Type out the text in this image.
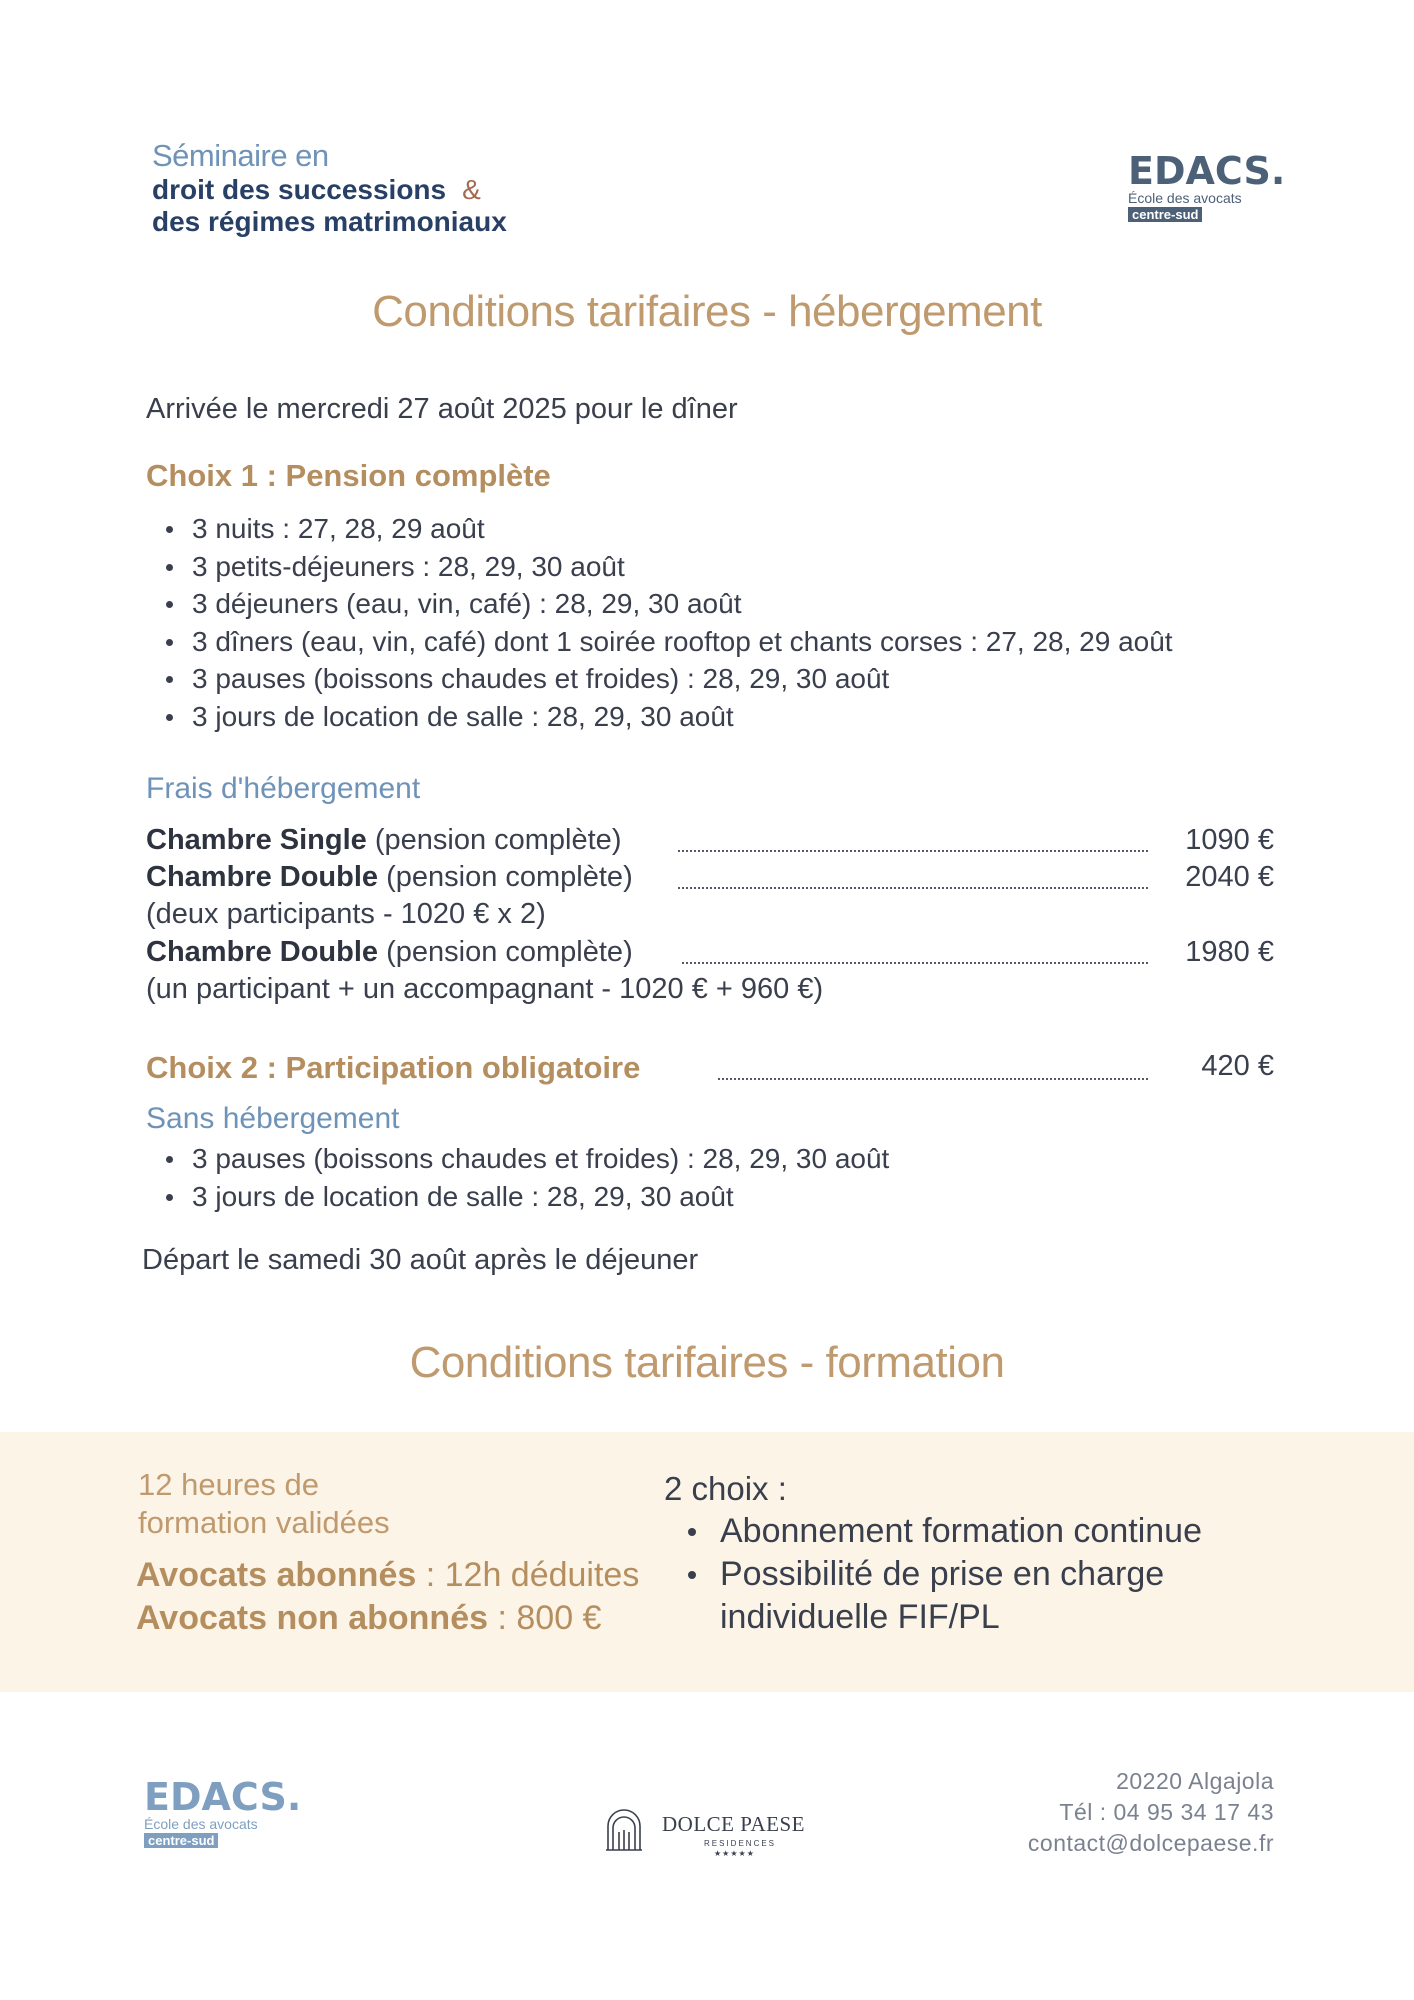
Séminaire en
droit des successions &
des régimes matrimoniaux
EDACS.
École des avocats
centre-sud
Conditions tarifaires - hébergement
Arrivée le mercredi 27 août 2025 pour le dîner
Choix 1 : Pension complète
3 nuits : 27, 28, 29 août
3 petits-déjeuners : 28, 29, 30 août
3 déjeuners (eau, vin, café) : 28, 29, 30 août
3 dîners (eau, vin, café) dont 1 soirée rooftop et chants corses : 27, 28, 29 août
3 pauses (boissons chaudes et froides) : 28, 29, 30 août
3 jours de location de salle : 28, 29, 30 août
Frais d'hébergement
Chambre Single (pension complète)	1090 €
Chambre Double (pension complète)	2040 €
(deux participants - 1020 € x 2)
Chambre Double (pension complète)	1980 €
(un participant + un accompagnant - 1020 € + 960 €)
Choix 2 : Participation obligatoire	420 €
Sans hébergement
3 pauses (boissons chaudes et froides) : 28, 29, 30 août
3 jours de location de salle : 28, 29, 30 août
Départ le samedi 30 août après le déjeuner
Conditions tarifaires - formation
12 heures de
formation validées
Avocats abonnés : 12h déduites
Avocats non abonnés : 800 €
2 choix :
Abonnement formation continue
Possibilité de prise en charge individuelle FIF/PL
EDACS.
École des avocats
centre-sud
DOLCE PAESE
RESIDENCES
★★★★★
20220 Algajola
Tél : 04 95 34 17 43
contact@dolcepaese.fr
